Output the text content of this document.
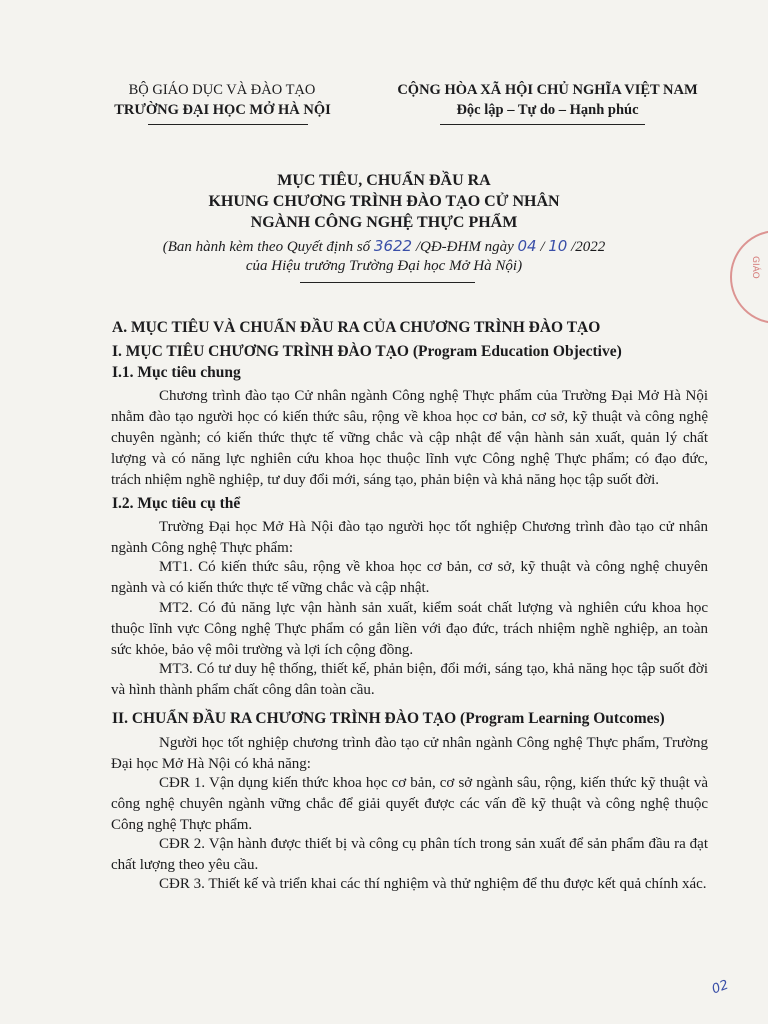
BỘ GIÁO DỤC VÀ ĐÀO TẠO
TRƯỜNG ĐẠI HỌC MỞ HÀ NỘI
CỘNG HÒA XÃ HỘI CHỦ NGHĨA VIỆT NAM
Độc lập – Tự do – Hạnh phúc
MỤC TIÊU, CHUẨN ĐẦU RA
KHUNG CHƯƠNG TRÌNH ĐÀO TẠO CỬ NHÂN
NGÀNH CÔNG NGHỆ THỰC PHẨM
(Ban hành kèm theo Quyết định số 3622 /QĐ-ĐHM ngày 04 / 10 /2022
của Hiệu trưởng Trường Đại học Mở Hà Nội)
A. MỤC TIÊU VÀ CHUẨN ĐẦU RA CỦA CHƯƠNG TRÌNH ĐÀO TẠO
I. MỤC TIÊU CHƯƠNG TRÌNH ĐÀO TẠO (Program Education Objective)
I.1. Mục tiêu chung

Chương trình đào tạo Cử nhân ngành Công nghệ Thực phẩm của Trường Đại Mở Hà Nội nhằm đào tạo người học có kiến thức sâu, rộng về khoa học cơ bản, cơ sở, kỹ thuật và công nghệ chuyên ngành; có kiến thức thực tế vững chắc và cập nhật để vận hành sản xuất, quản lý chất lượng và có năng lực nghiên cứu khoa học thuộc lĩnh vực Công nghệ Thực phẩm; có đạo đức, trách nhiệm nghề nghiệp, tư duy đổi mới, sáng tạo, phản biện và khả năng học tập suốt đời.

I.2. Mục tiêu cụ thể

Trường Đại học Mở Hà Nội đào tạo người học tốt nghiệp Chương trình đào tạo cử nhân ngành Công nghệ Thực phẩm:

MT1. Có kiến thức sâu, rộng về khoa học cơ bản, cơ sở, kỹ thuật và công nghệ chuyên ngành và có kiến thức thực tế vững chắc và cập nhật.

MT2. Có đủ năng lực vận hành sản xuất, kiểm soát chất lượng và nghiên cứu khoa học thuộc lĩnh vực Công nghệ Thực phẩm có gắn liền với đạo đức, trách nhiệm nghề nghiệp, an toàn sức khỏe, bảo vệ môi trường và lợi ích cộng đồng.

MT3. Có tư duy hệ thống, thiết kế, phản biện, đổi mới, sáng tạo, khả năng học tập suốt đời và hình thành phẩm chất công dân toàn cầu.

II. CHUẨN ĐẦU RA CHƯƠNG TRÌNH ĐÀO TẠO (Program Learning Outcomes)

Người học tốt nghiệp chương trình đào tạo cử nhân ngành Công nghệ Thực phẩm, Trường Đại học Mở Hà Nội có khả năng:

CĐR 1. Vận dụng kiến thức khoa học cơ bản, cơ sở ngành sâu, rộng, kiến thức kỹ thuật và công nghệ chuyên ngành vững chắc để giải quyết được các vấn đề kỹ thuật và công nghệ thuộc Công nghệ Thực phẩm.

CĐR 2. Vận hành được thiết bị và công cụ phân tích trong sản xuất để sản phẩm đầu ra đạt chất lượng theo yêu cầu.

CĐR 3. Thiết kế và triển khai các thí nghiệm và thử nghiệm để thu được kết quả chính xác.

GIÁO
02
